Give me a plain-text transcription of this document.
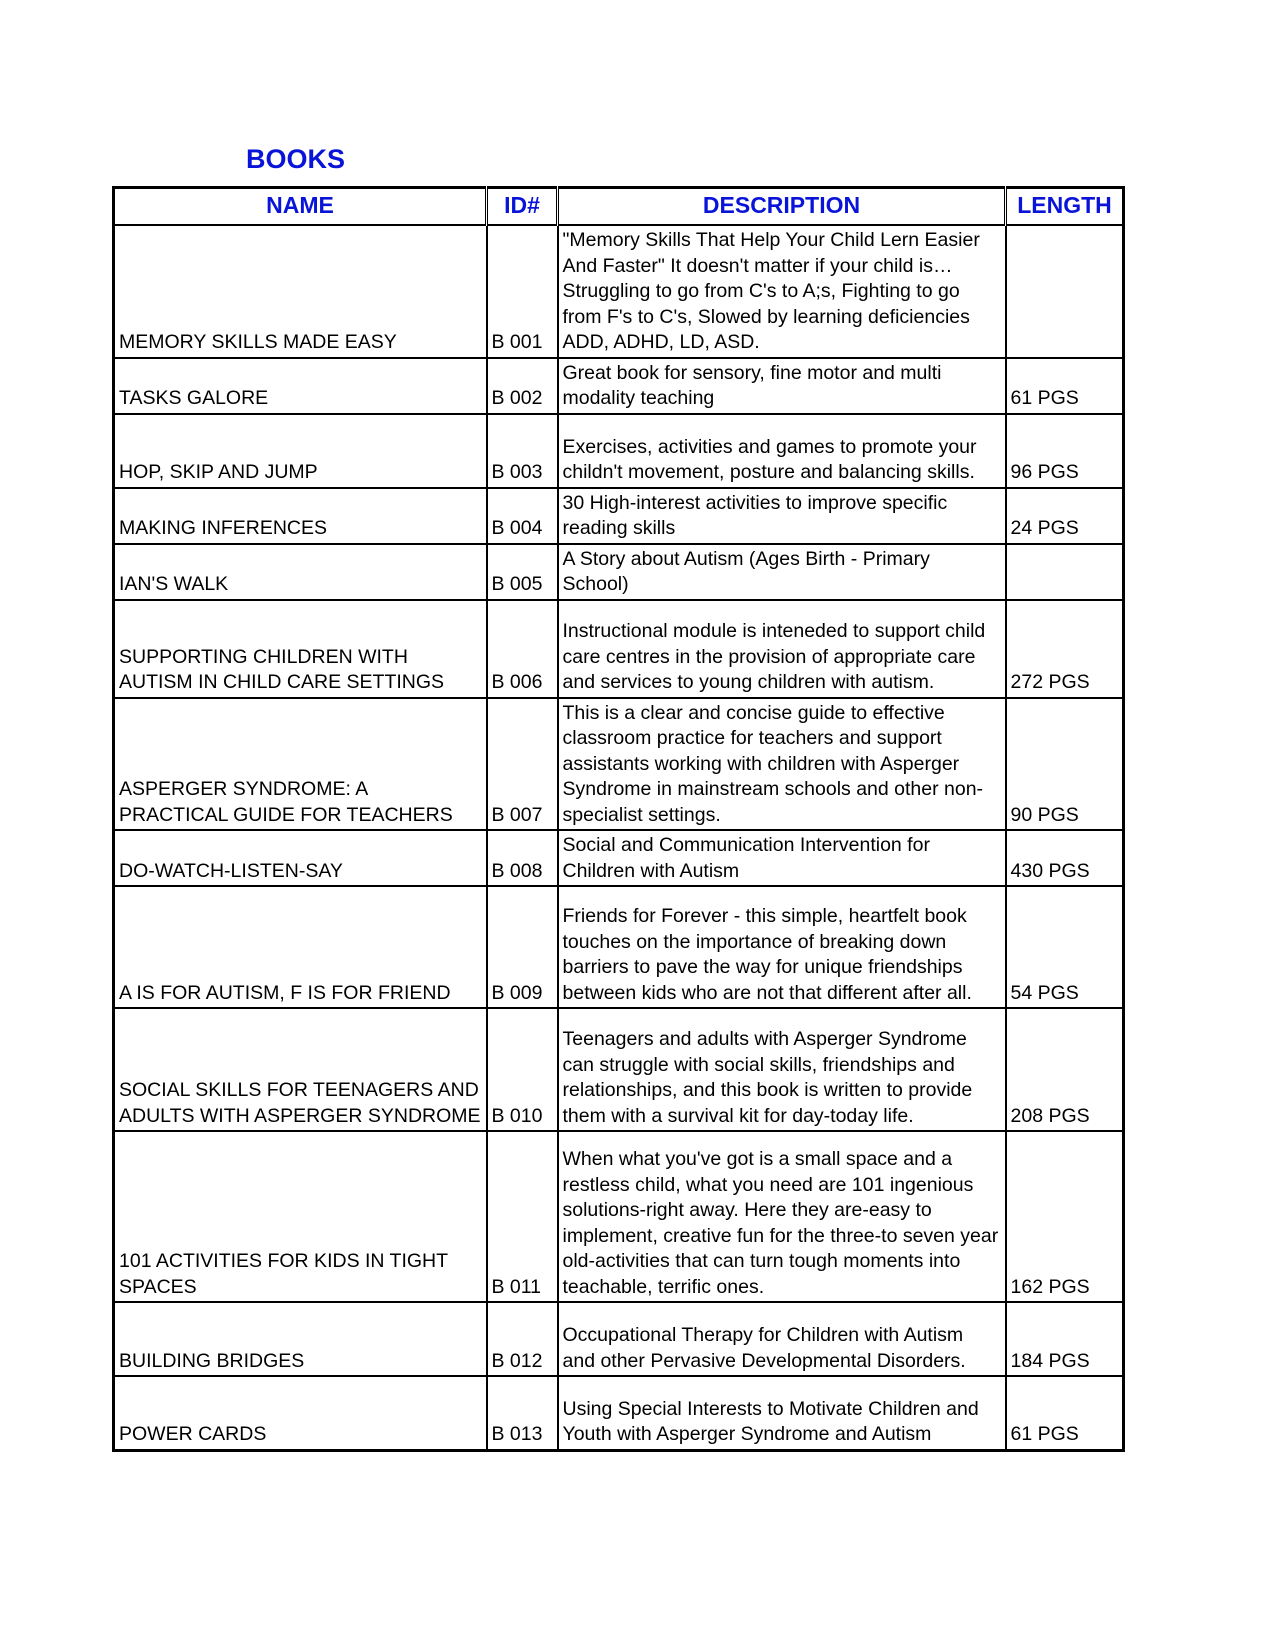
BOOKS
NAME	ID#	DESCRIPTION	LENGTH
MEMORY SKILLS MADE EASY	B 001	"Memory Skills That Help Your Child Lern Easier And Faster" It doesn't matter if your child is…Struggling to go from C's to A;s, Fighting to go from F's to C's, Slowed by learning deficiencies ADD, ADHD, LD, ASD.	
TASKS GALORE	B 002	Great book for sensory, fine motor and multi modality teaching	61 PGS
HOP, SKIP AND JUMP	B 003	Exercises, activities and games to promote your childn't movement, posture and balancing skills.	96 PGS
MAKING INFERENCES	B 004	30 High-interest activities to improve specific reading skills	24 PGS
IAN'S WALK	B 005	A Story about Autism (Ages Birth - Primary School)	
SUPPORTING CHILDREN WITH AUTISM IN CHILD CARE SETTINGS	B 006	Instructional module is inteneded to support child care centres in the provision of appropriate care and services to young children with autism.	272 PGS
ASPERGER SYNDROME: A PRACTICAL GUIDE FOR TEACHERS	B 007	This is a clear and concise guide to effective classroom practice for teachers and support assistants working with children with Asperger Syndrome in mainstream schools and other non-specialist settings.	90 PGS
DO-WATCH-LISTEN-SAY	B 008	Social and Communication Intervention for Children with Autism	430 PGS
A IS FOR AUTISM, F IS FOR FRIEND	B 009	Friends for Forever - this simple, heartfelt book touches on the importance of breaking down barriers to pave the way for unique friendships between kids who are not that different after all.	54 PGS
SOCIAL SKILLS FOR TEENAGERS AND ADULTS WITH ASPERGER SYNDROME	B 010	Teenagers and adults with Asperger Syndrome can struggle with social skills, friendships and relationships, and this book is written to provide them with a survival kit for day-today life.	208 PGS
101 ACTIVITIES FOR KIDS IN TIGHT SPACES	B 011	When what you've got is a small space and a restless child, what you need are 101 ingenious solutions-right away. Here they are-easy to implement, creative fun for the three-to seven year old-activities that can turn tough moments into teachable, terrific ones.	162 PGS
BUILDING BRIDGES	B 012	Occupational Therapy for Children with Autism and other Pervasive Developmental Disorders.	184 PGS
POWER CARDS	B 013	Using Special Interests to Motivate Children and Youth with Asperger Syndrome and Autism	61 PGS
